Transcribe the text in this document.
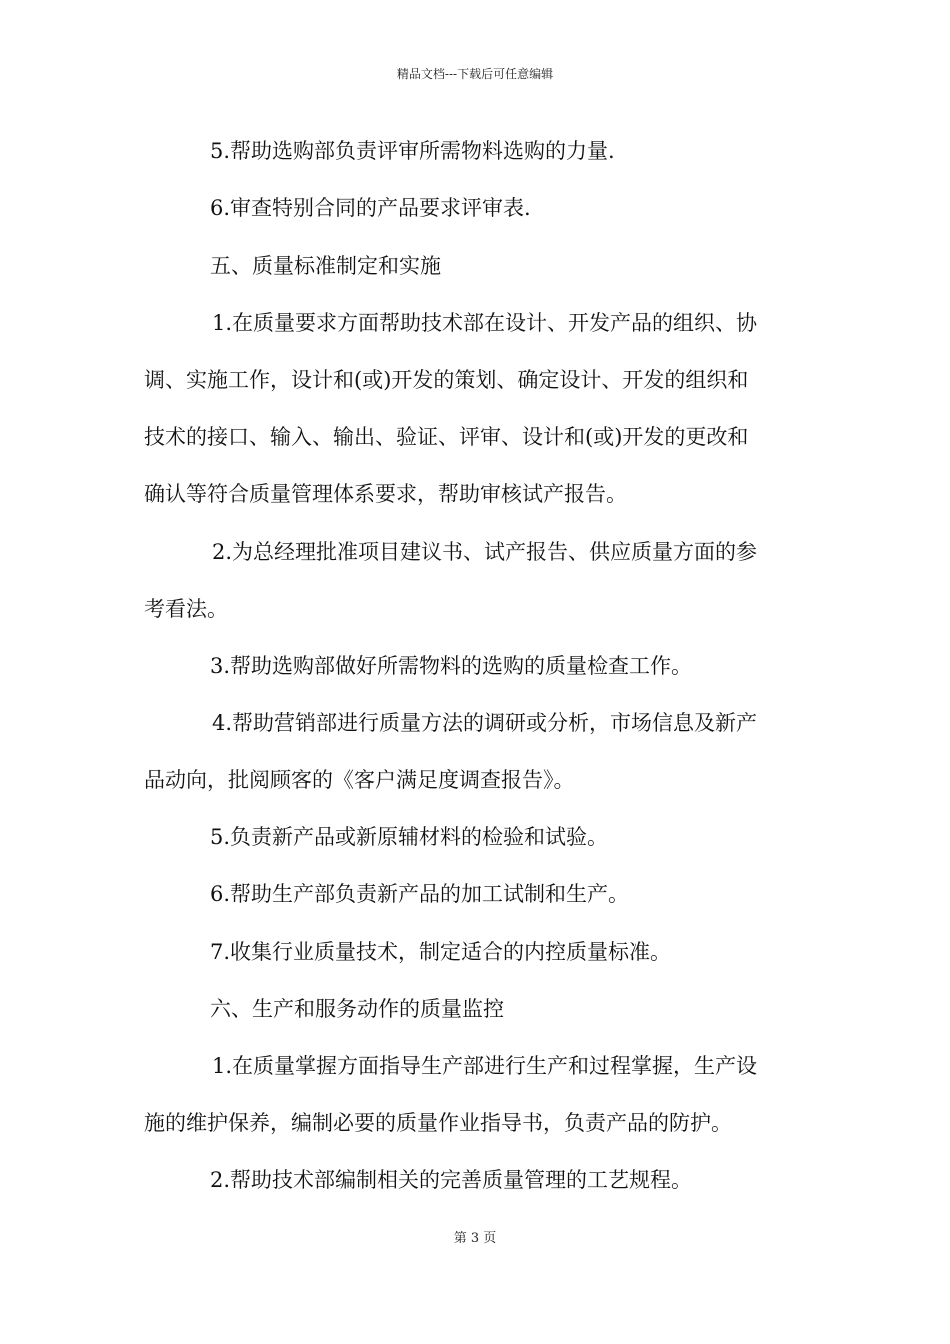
精品文档---下载后可任意编辑
5.帮助选购部负责评审所需物料选购的力量.
6.审查特别合同的产品要求评审表.
五、质量标准制定和实施
1.在质量要求方面帮助技术部在设计、开发产品的组织、协
调、实施工作，设计和(或)开发的策划、确定设计、开发的组织和
技术的接口、输入、输出、验证、评审、设计和(或)开发的更改和
确认等符合质量管理体系要求，帮助审核试产报告。
2.为总经理批准项目建议书、试产报告、供应质量方面的参
考看法。
3.帮助选购部做好所需物料的选购的质量检查工作。
4.帮助营销部进行质量方法的调研或分析，市场信息及新产
品动向，批阅顾客的《客户满足度调查报告》。
5.负责新产品或新原辅材料的检验和试验。
6.帮助生产部负责新产品的加工试制和生产。
7.收集行业质量技术，制定适合的内控质量标准。
六、生产和服务动作的质量监控
1.在质量掌握方面指导生产部进行生产和过程掌握，生产设
施的维护保养，编制必要的质量作业指导书，负责产品的防护。
2.帮助技术部编制相关的完善质量管理的工艺规程。
第 3 页
